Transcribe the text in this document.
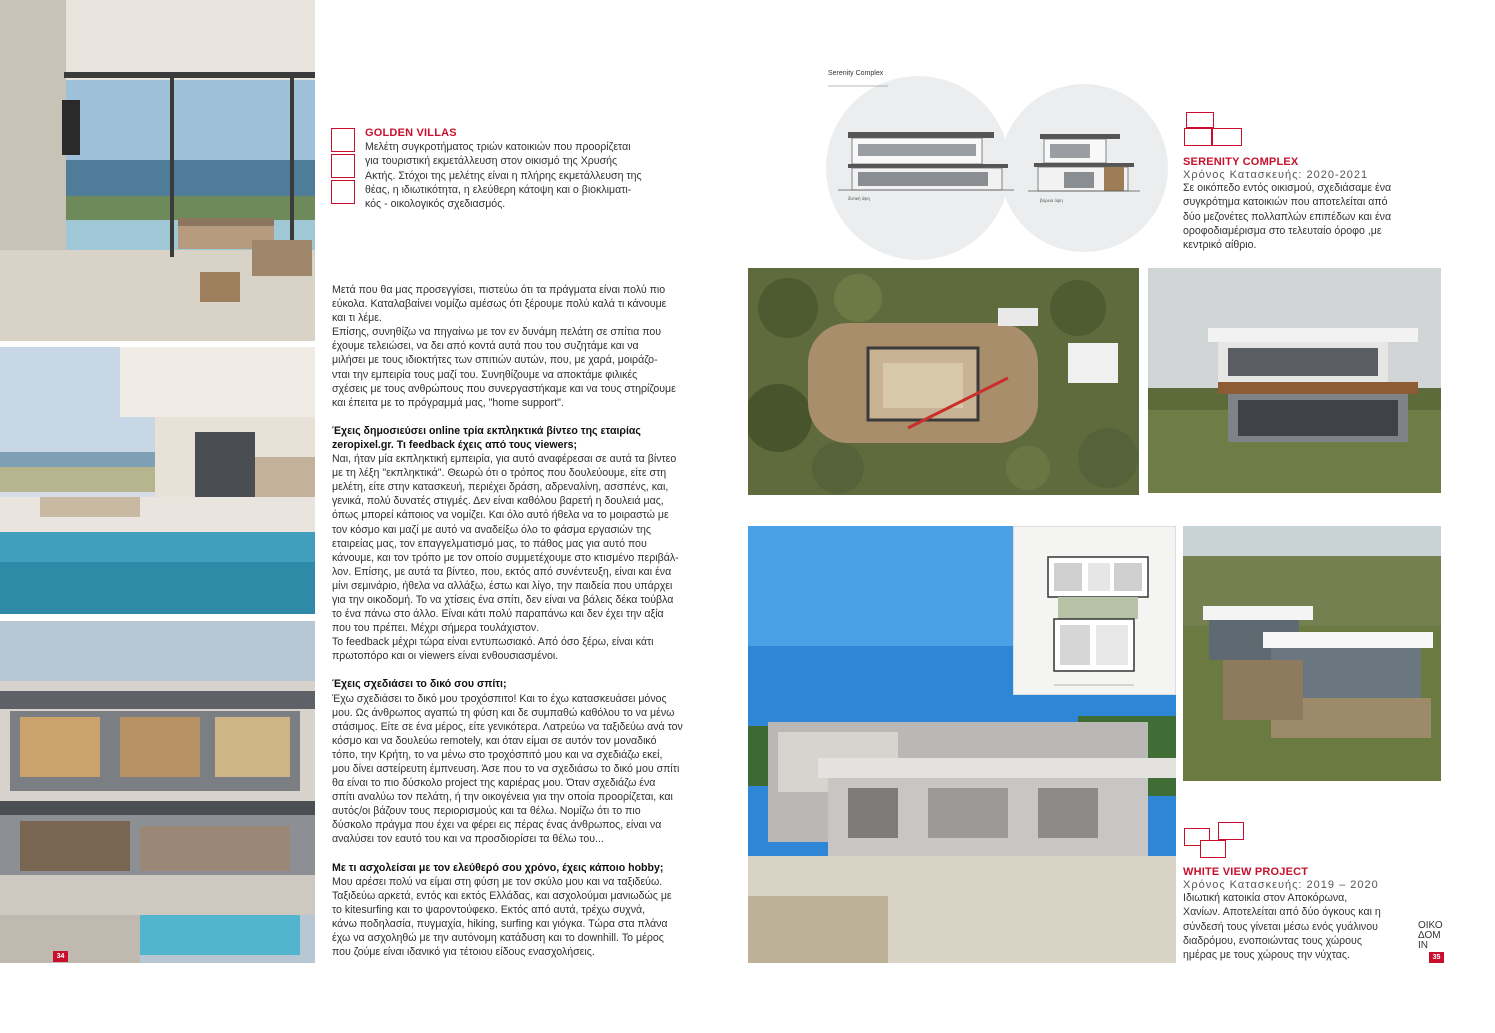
34
GOLDEN VILLAS
Μελέτη συγκροτήματος τριών κατοικιών που προορίζεται
για τουριστική εκμετάλλευση στον οικισμό της Χρυσής
Ακτής. Στόχοι της μελέτης είναι η πλήρης εκμετάλλευση της
θέας, η ιδιωτικότητα, η ελεύθερη κάτοψη και ο βιοκλιματι-
κός - οικολογικός σχεδιασμός.

Μετά που θα μας προσεγγίσει, πιστεύω ότι τα πράγματα είναι πολύ πιο

εύκολα. Καταλαβαίνει νομίζω αμέσως ότι ξέρουμε πολύ καλά τι κάνουμε

και τι λέμε.

Επίσης, συνηθίζω να πηγαίνω με τον εν δυνάμη πελάτη σε σπίτια που

έχουμε τελειώσει, να δει από κοντά αυτά που του συζητάμε και να

μιλήσει με τους ιδιοκτήτες των σπιτιών αυτών, που, με χαρά, μοιράζο-

νται την εμπειρία τους μαζί του. Συνηθίζουμε να αποκτάμε φιλικές

σχέσεις με τους ανθρώπους που συνεργαστήκαμε και να τους στηρίζουμε

και έπειτα με το πρόγραμμά μας, "home support".

Έχεις δημοσιεύσει online τρία εκπληκτικά βίντεο της εταιρίας

zeropixel.gr. Τι feedback έχεις από τους viewers;

Ναι, ήταν μία εκπληκτική εμπειρία, για αυτό αναφέρεσαι σε αυτά τα βίντεο

με τη λέξη "εκπληκτικά". Θεωρώ ότι ο τρόπος που δουλεύουμε, είτε στη

μελέτη, είτε στην κατασκευή, περιέχει δράση, αδρεναλίνη, ασσπένς, και,

γενικά, πολύ δυνατές στιγμές. Δεν είναι καθόλου βαρετή η δουλειά μας,

όπως μπορεί κάποιος να νομίζει. Και όλο αυτό ήθελα να το μοιραστώ με

τον κόσμο και μαζί με αυτό να αναδείξω όλο το φάσμα εργασιών της

εταιρείας μας, τον επαγγελματισμό μας, το πάθος μας για αυτό που

κάνουμε, και τον τρόπο με τον οποίο συμμετέχουμε στο κτισμένο περιβάλ-

λον. Επίσης, με αυτά τα βίντεο, που, εκτός από συνέντευξη, είναι και ένα

μίνι σεμινάριο, ήθελα να αλλάξω, έστω και λίγο, την παιδεία που υπάρχει

για την οικοδομή. Το να χτίσεις ένα σπίτι, δεν είναι να βάλεις δέκα τούβλα

το ένα πάνω στο άλλο. Είναι κάτι πολύ παραπάνω και δεν έχει την αξία

που του πρέπει. Μέχρι σήμερα τουλάχιστον.

Το feedback μέχρι τώρα είναι εντυπωσιακό. Από όσο ξέρω, είναι κάτι

πρωτοπόρο και οι viewers είναι ενθουσιασμένοι.

Έχεις σχεδιάσει το δικό σου σπίτι;

Έχω σχεδιάσει το δικό μου τροχόσπιτο! Και το έχω κατασκευάσει μόνος

μου. Ως άνθρωπος αγαπώ τη φύση και δε συμπαθώ καθόλου το να μένω

στάσιμος. Είτε σε ένα μέρος, είτε γενικότερα. Λατρεύω να ταξιδεύω ανά τον

κόσμο και να δουλεύω remotely, και όταν είμαι σε αυτόν τον μοναδικό

τόπο, την Κρήτη, το να μένω στο τροχόσπιτό μου και να σχεδιάζω εκεί,

μου δίνει αστείρευτη έμπνευση. Άσε που το να σχεδιάσω το δικό μου σπίτι

θα είναι το πιο δύσκολο project της καριέρας μου. Όταν σχεδιάζω ένα

σπίτι αναλύω τον πελάτη, ή την οικογένεια για την οποία προορίζεται, και

αυτός/οι βάζουν τους περιορισμούς και τα θέλω. Νομίζω ότι το πιο

δύσκολο πράγμα που έχει να φέρει εις πέρας ένας άνθρωπος, είναι να

αναλύσει τον εαυτό του και να προσδιορίσει τα θέλω του...

Με τι ασχολείσαι με τον ελεύθερό σου χρόνο, έχεις κάποιο hobby;

Μου αρέσει πολύ να είμαι στη φύση με τον σκύλο μου και να ταξιδεύω.

Ταξιδεύω αρκετά, εντός και εκτός Ελλάδας, και ασχολούμαι μανιωδώς με

το kitesurfing και το ψαροντούφεκο. Εκτός από αυτά, τρέχω συχνά,

κάνω ποδηλασία, πυγμαχία, hiking, surfing και γιόγκα. Τώρα στα πλάνα

έχω να ασχοληθώ με την αυτόνομη κατάδυση και το downhill. Το μέρος

που ζούμε είναι ιδανικό για τέτοιου είδους ενασχολήσεις.

Serenity Complex
δυτική όψη	βόρεια όψη
SERENITY COMPLEX
Χρόνος Κατασκευής: 2020-2021
Σε οικόπεδο εντός οικισμού, σχεδιάσαμε ένα
συγκρότημα κατοικιών που αποτελείται από
δύο μεζονέτες πολλαπλών επιπέδων και ένα
οροφοδιαμέρισμα στο τελευταίο όροφο ,με
κεντρικό αίθριο.
WHITE VIEW PROJECT
Χρόνος Κατασκευής: 2019 – 2020
Ιδιωτική κατοικία στον Αποκόρωνα,
Χανίων. Αποτελείται από δύο όγκους και η
σύνδεσή τους γίνεται μέσω ενός γυάλινου
διαδρόμου, ενοποιώντας τους χώρους
ημέρας με τους χώρους την νύχτας.
ΟΙΚΟ
ΔΟΜ
IN
35
